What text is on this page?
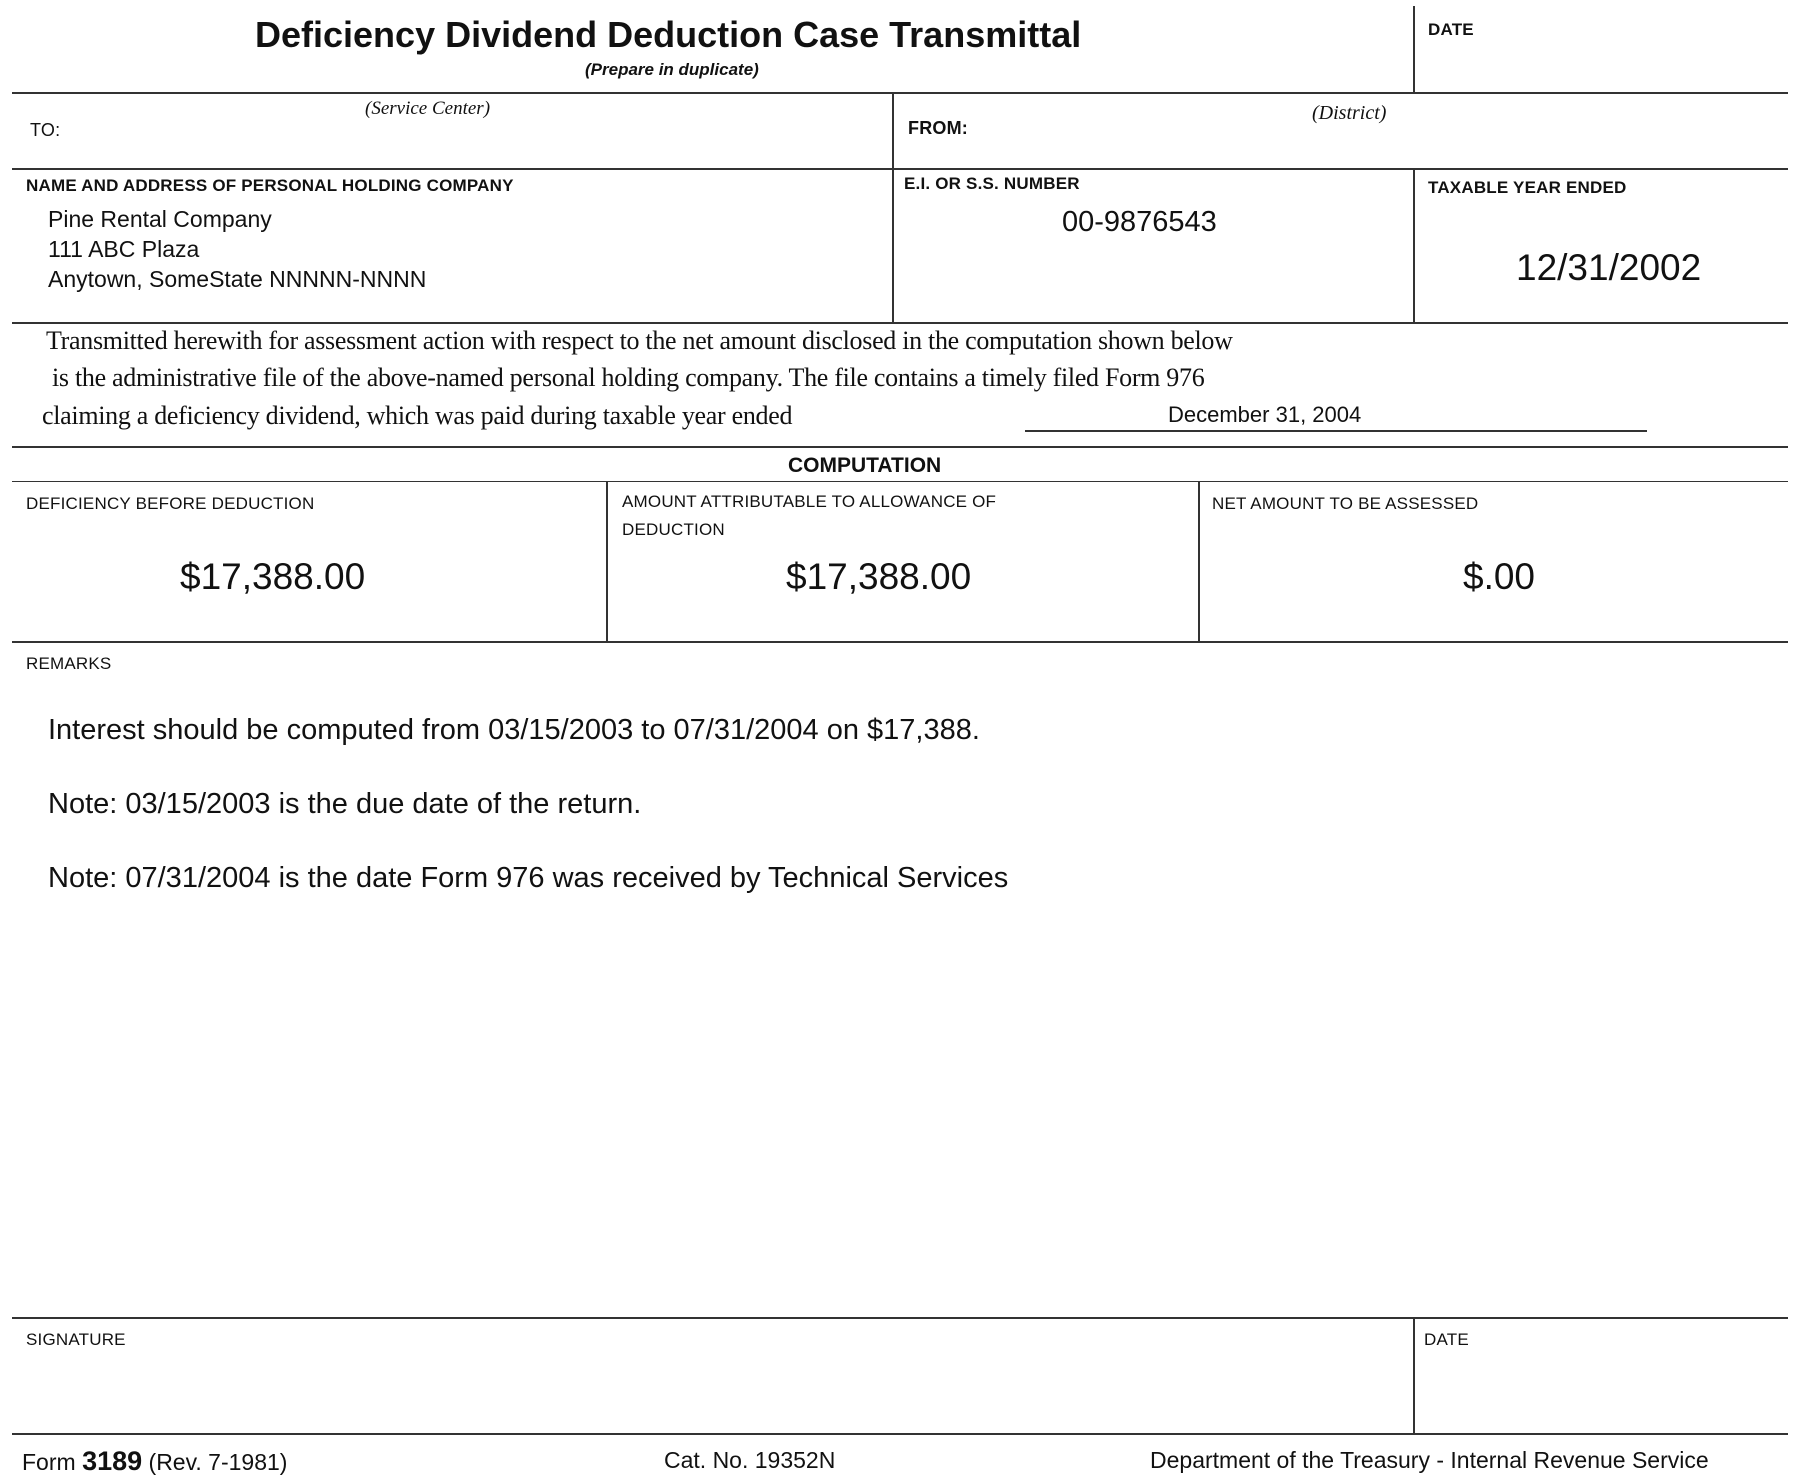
Deficiency Dividend Deduction Case Transmittal
(Prepare in duplicate)
DATE
TO:
(Service Center)
FROM:
(District)
NAME AND ADDRESS OF PERSONAL HOLDING COMPANY
Pine Rental Company
111 ABC Plaza
Anytown, SomeState NNNNN-NNNN
E.I. OR S.S. NUMBER
00-9876543
TAXABLE YEAR ENDED
12/31/2002
Transmitted herewith for assessment action with respect to the net amount disclosed in the computation shown below
is the administrative file of the above-named personal holding company. The file contains a timely filed Form 976
claiming a deficiency dividend, which was paid during taxable year ended	December 31, 2004
COMPUTATION
DEFICIENCY BEFORE DEDUCTION
$17,388.00
AMOUNT ATTRIBUTABLE TO ALLOWANCE OF
DEDUCTION
$17,388.00
NET AMOUNT TO BE ASSESSED
$.00
REMARKS
Interest should be computed from 03/15/2003 to 07/31/2004 on $17,388.
Note: 03/15/2003 is the due date of the return.
Note: 07/31/2004 is the date Form 976 was received by Technical Services
SIGNATURE	DATE
Form 3189 (Rev. 7-1981)	Cat. No. 19352N	Department of the Treasury - Internal Revenue Service
